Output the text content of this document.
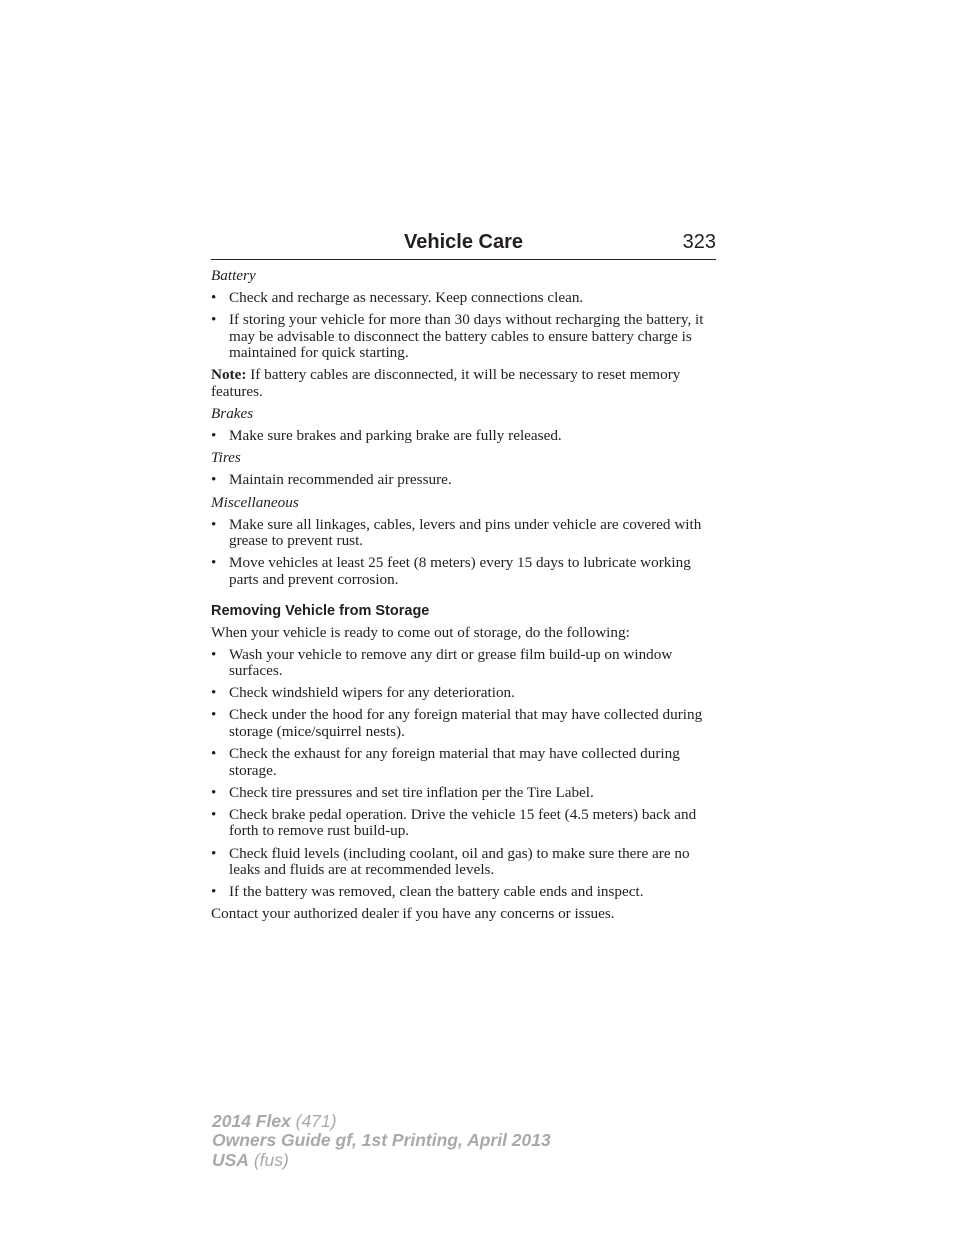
Vehicle Care	323
Battery
• Check and recharge as necessary. Keep connections clean.
• If storing your vehicle for more than 30 days without recharging the battery, it may be advisable to disconnect the battery cables to ensure battery charge is maintained for quick starting.
Note: If battery cables are disconnected, it will be necessary to reset memory features.
Brakes
• Make sure brakes and parking brake are fully released.
Tires
• Maintain recommended air pressure.
Miscellaneous
• Make sure all linkages, cables, levers and pins under vehicle are covered with grease to prevent rust.
• Move vehicles at least 25 feet (8 meters) every 15 days to lubricate working parts and prevent corrosion.
Removing Vehicle from Storage
When your vehicle is ready to come out of storage, do the following:
• Wash your vehicle to remove any dirt or grease film build-up on window surfaces.
• Check windshield wipers for any deterioration.
• Check under the hood for any foreign material that may have collected during storage (mice/squirrel nests).
• Check the exhaust for any foreign material that may have collected during storage.
• Check tire pressures and set tire inflation per the Tire Label.
• Check brake pedal operation. Drive the vehicle 15 feet (4.5 meters) back and forth to remove rust build-up.
• Check fluid levels (including coolant, oil and gas) to make sure there are no leaks and fluids are at recommended levels.
• If the battery was removed, clean the battery cable ends and inspect.
Contact your authorized dealer if you have any concerns or issues.
2014 Flex (471)
Owners Guide gf, 1st Printing, April 2013
USA (fus)
